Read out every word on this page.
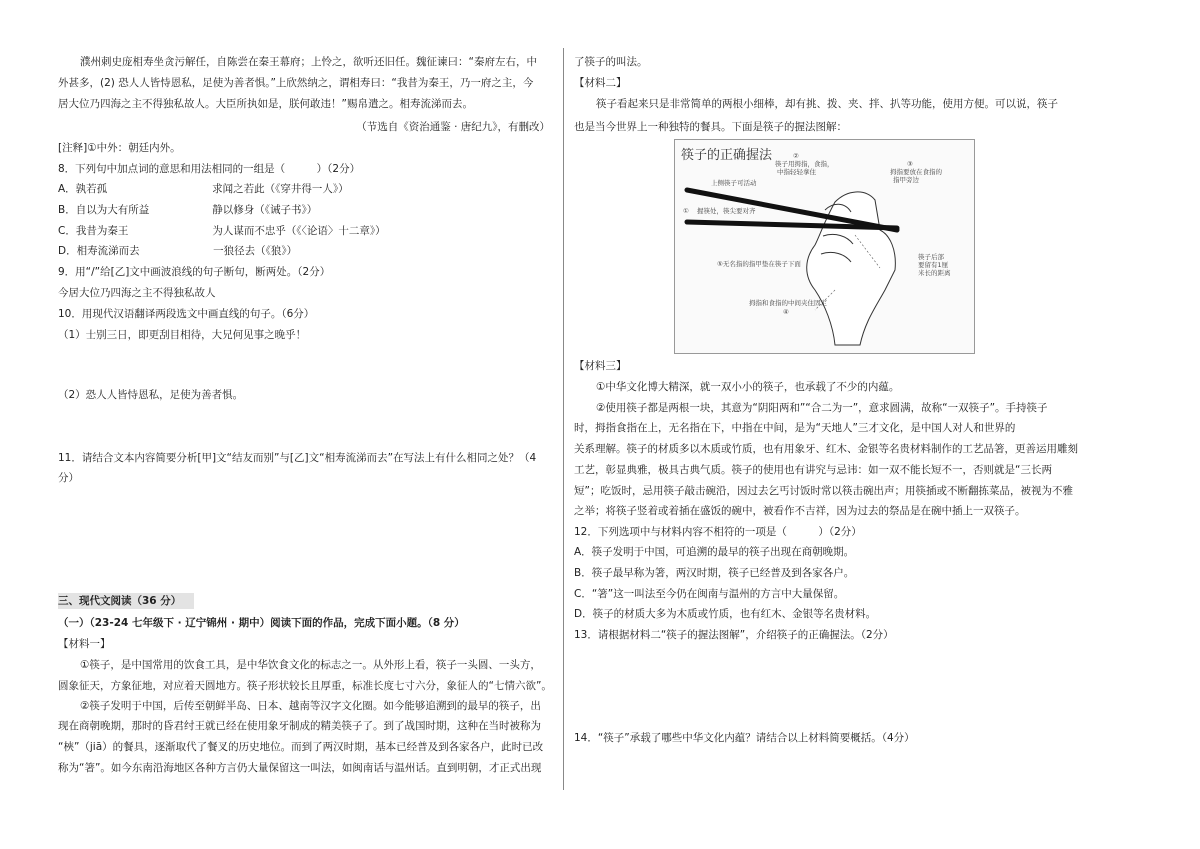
濮州刺史庞相寿坐贪污解任，自陈尝在秦王幕府；上怜之，欲听还旧任。魏征谏曰：“秦府左右，中
外甚多，(2) 恐人人皆恃恩私，足使为善者惧。”上欣然纳之，谓相寿曰：“我昔为秦王，乃一府之主，今
居大位乃四海之主不得独私故人。大臣所执如是，朕何敢违！”赐帛遣之。相寿流涕而去。
（节选自《资治通鉴 · 唐纪九》，有删改）
[注释]①中外：朝廷内外。
8．下列句中加点词的意思和用法相同的一组是（　　　）（2分）
A．孰若孤　　　　　　　　　　求闻之若此（《穿井得一人》）
B．自以为大有所益　　　　　　静以修身（《诫子书》）
C．我昔为秦王　　　　　　　　为人谋而不忠乎（《〈论语〉十二章》）
D．相寿流涕而去　　　　　　　一狼径去（《狼》）
9．用“/”给[乙]文中画波浪线的句子断句，断两处。（2分）
今居大位乃四海之主不得独私故人
10．用现代汉语翻译两段选文中画直线的句子。（6分）
（1）士别三日，即更刮目相待，大兄何见事之晚乎！
（2）恐人人皆恃恩私，足使为善者惧。
11．请结合文本内容简要分析[甲]文“结友而别”与[乙]文“相寿流涕而去”在写法上有什么相同之处？（4
分）
三、现代文阅读（36 分）
（一）（23-24 七年级下 · 辽宁锦州 · 期中）阅读下面的作品，完成下面小题。（8 分）
【材料一】
①筷子，是中国常用的饮食工具，是中华饮食文化的标志之一。从外形上看，筷子一头圆、一头方，
圆象征天，方象征地，对应着天圆地方。筷子形状较长且厚重，标准长度七寸六分，象征人的“七情六欲”。
②筷子发明于中国，后传至朝鲜半岛、日本、越南等汉字文化圈。如今能够追溯到的最早的筷子，出
现在商朝晚期，那时的昏君纣王就已经在使用象牙制成的精美筷子了。到了战国时期，这种在当时被称为
“梜”（jiā）的餐具，逐渐取代了餐叉的历史地位。而到了两汉时期，基本已经普及到各家各户，此时已改
称为“箸”。如今东南沿海地区各种方言仍大量保留这一叫法，如闽南话与温州话。直到明朝，才正式出现
了筷子的叫法。
【材料二】
筷子看起来只是非常简单的两根小细棒，却有挑、拨、夹、拌、扒等功能，使用方便。可以说，筷子
也是当今世界上一种独特的餐具。下面是筷子的握法图解：
筷子的正确握法
上侧筷子可活动
②
筷子用拇指，食指，
中指轻轻拿住
③
拇指要放在食指的
指甲旁边
① 握筷处，筷尖要对齐
⑤无名指的指甲垫在筷子下面
筷子后部
要留有1厘
米长的距离
拇指和食指的中间夹住固定
④
【材料三】
①中华文化博大精深，就一双小小的筷子，也承载了不少的内蕴。
②使用筷子都是两根一块，其意为“阴阳两和”“合二为一”，意求圆满，故称“一双筷子”。手持筷子
时，拇指食指在上，无名指在下，中指在中间，是为“天地人”三才文化，是中国人对人和世界的
关系理解。筷子的材质多以木质或竹质，也有用象牙、红木、金银等名贵材料制作的工艺品箸，更善运用雕刻
工艺，彰显典雅，极具古典气质。筷子的使用也有讲究与忌讳：如一双不能长短不一，否则就是“三长两
短”；吃饭时，忌用筷子敲击碗沿，因过去乞丐讨饭时常以筷击碗出声；用筷插或不断翻拣菜品，被视为不雅
之举；将筷子竖着或着插在盛饭的碗中，被看作不吉祥，因为过去的祭品是在碗中插上一双筷子。
12．下列选项中与材料内容不相符的一项是（　　　）（2分）
A．筷子发明于中国，可追溯的最早的筷子出现在商朝晚期。
B．筷子最早称为箸，两汉时期，筷子已经普及到各家各户。
C．“箸”这一叫法至今仍在闽南与温州的方言中大量保留。
D．筷子的材质大多为木质或竹质，也有红木、金银等名贵材料。
13．请根据材料二“筷子的握法图解”，介绍筷子的正确握法。（2分）
14．“筷子”承载了哪些中华文化内蕴？请结合以上材料简要概括。（4分）
